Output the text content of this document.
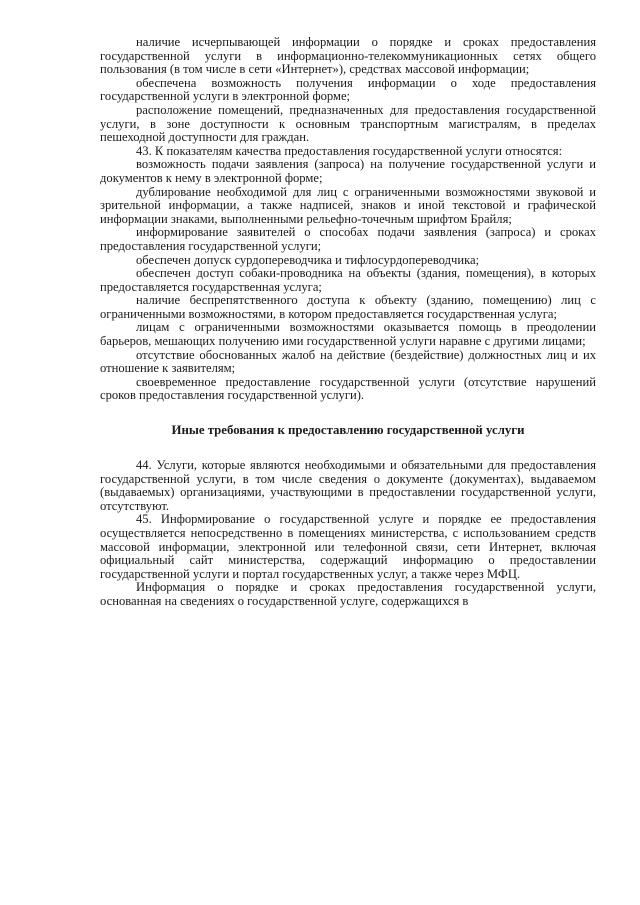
наличие исчерпывающей информации о порядке и сроках предоставления государственной услуги в информационно-телекоммуникационных сетях общего пользования (в том числе в сети «Интернет»), средствах массовой информации;

обеспечена возможность получения информации о ходе предоставления государственной услуги в электронной форме;

расположение помещений, предназначенных для предоставления государственной услуги, в зоне доступности к основным транспортным магистралям, в пределах пешеходной доступности для граждан.

43. К показателям качества предоставления государственной услуги относятся:

возможность подачи заявления (запроса) на получение государственной услуги и документов к нему в электронной форме;

дублирование необходимой для лиц с ограниченными возможностями звуковой и зрительной информации, а также надписей, знаков и иной текстовой и графической информации знаками, выполненными рельефно-точечным шрифтом Брайля;

информирование заявителей о способах подачи заявления (запроса) и сроках предоставления государственной услуги;

обеспечен допуск сурдопереводчика и тифлосурдопереводчика;

обеспечен доступ собаки-проводника на объекты (здания, помещения), в которых предоставляется государственная услуга;

наличие беспрепятственного доступа к объекту (зданию, помещению) лиц с ограниченными возможностями, в котором предоставляется государственная услуга;

лицам с ограниченными возможностями оказывается помощь в преодолении барьеров, мешающих получению ими государственной услуги наравне с другими лицами;

отсутствие обоснованных жалоб на действие (бездействие) должностных лиц и их отношение к заявителям;

своевременное предоставление государственной услуги (отсутствие нарушений сроков предоставления государственной услуги).

Иные требования к предоставлению государственной услуги

44. Услуги, которые являются необходимыми и обязательными для предоставления государственной услуги, в том числе сведения о документе (документах), выдаваемом (выдаваемых) организациями, участвующими в предоставлении государственной услуги, отсутствуют.

45. Информирование о государственной услуге и порядке ее предоставления осуществляется непосредственно в помещениях министерства, с использованием средств массовой информации, электронной или телефонной связи, сети Интернет, включая официальный сайт министерства, содержащий информацию о предоставлении государственной услуги и портал государственных услуг, а также через МФЦ.

Информация о порядке и сроках предоставления государственной услуги, основанная на сведениях о государственной услуге, содержащихся в
